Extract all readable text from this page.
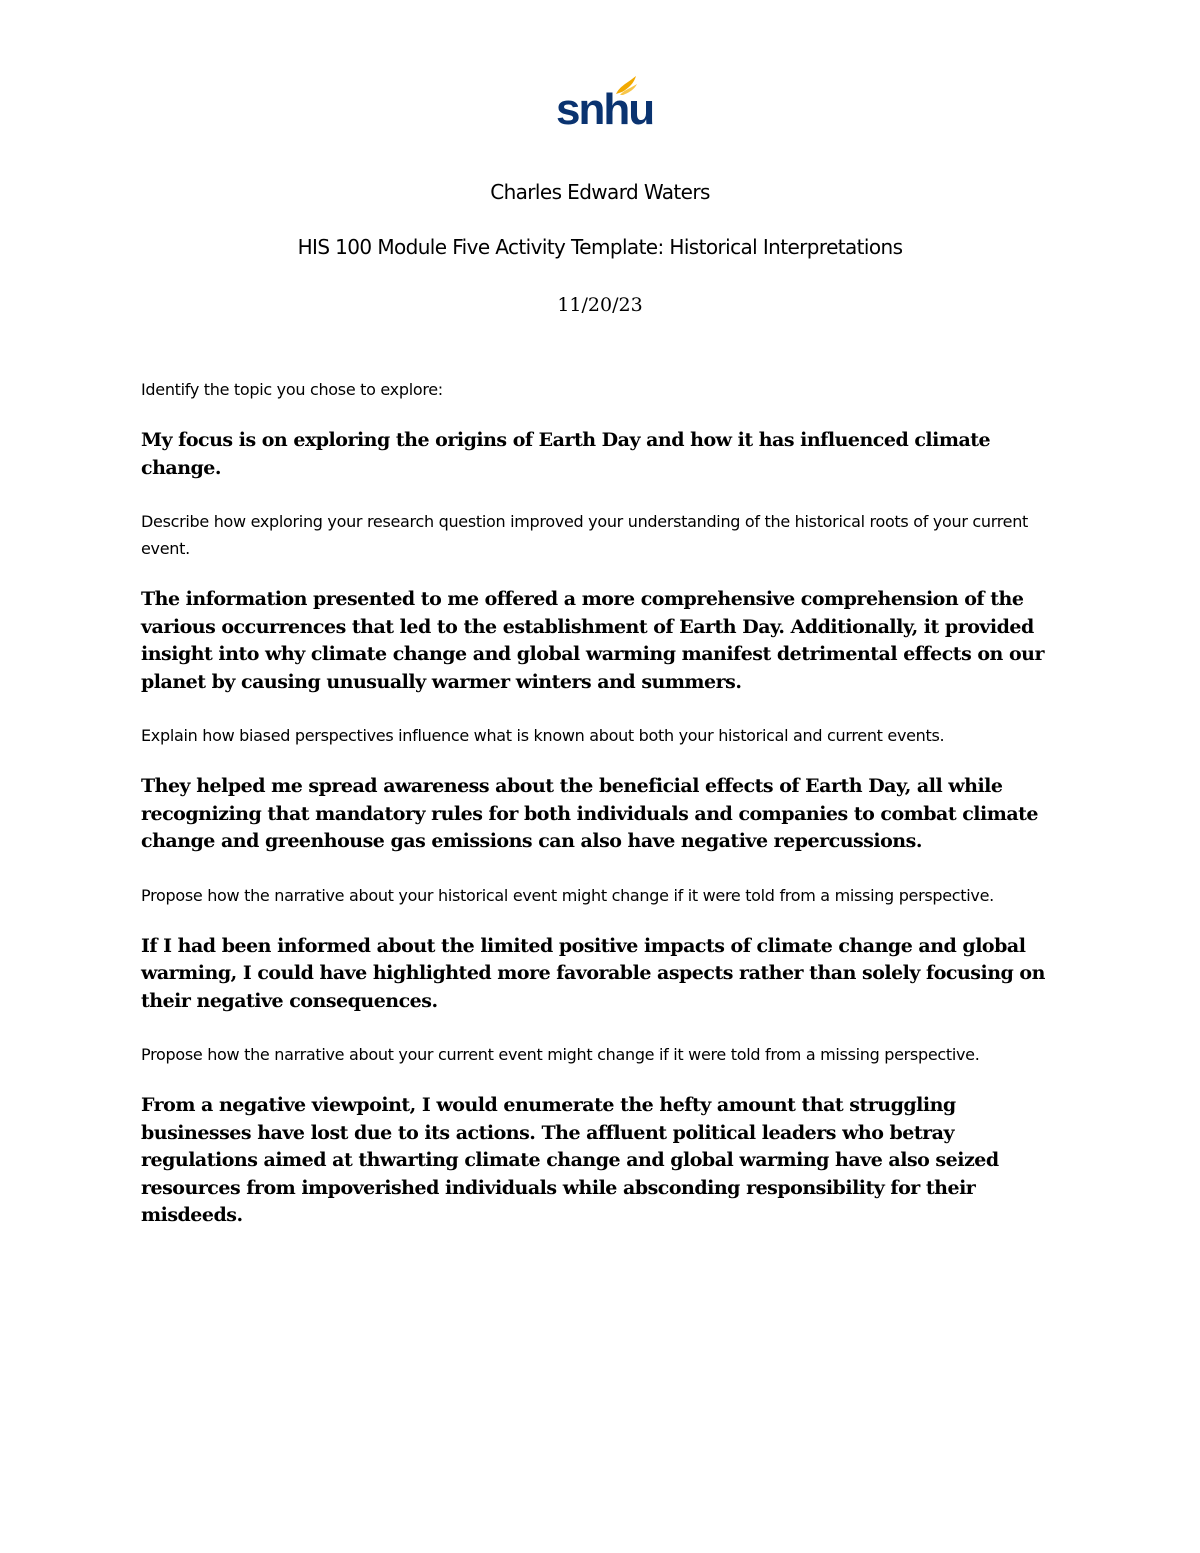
snhu
Charles Edward Waters
HIS 100 Module Five Activity Template: Historical Interpretations
11/20/23

Identify the topic you chose to explore:

My focus is on exploring the origins of Earth Day and how it has influenced climate change.

Describe how exploring your research question improved your understanding of the historical roots of your current event.

The information presented to me offered a more comprehensive comprehension of the various occurrences that led to the establishment of Earth Day. Additionally, it provided insight into why climate change and global warming manifest detrimental effects on our planet by causing unusually warmer winters and summers.

Explain how biased perspectives influence what is known about both your historical and current events.

They helped me spread awareness about the beneficial effects of Earth Day, all while recognizing that mandatory rules for both individuals and companies to combat climate change and greenhouse gas emissions can also have negative repercussions.

Propose how the narrative about your historical event might change if it were told from a missing perspective.

If I had been informed about the limited positive impacts of climate change and global warming, I could have highlighted more favorable aspects rather than solely focusing on their negative consequences.

Propose how the narrative about your current event might change if it were told from a missing perspective.

From a negative viewpoint, I would enumerate the hefty amount that struggling businesses have lost due to its actions. The affluent political leaders who betray regulations aimed at thwarting climate change and global warming have also seized resources from impoverished individuals while absconding responsibility for their misdeeds.
